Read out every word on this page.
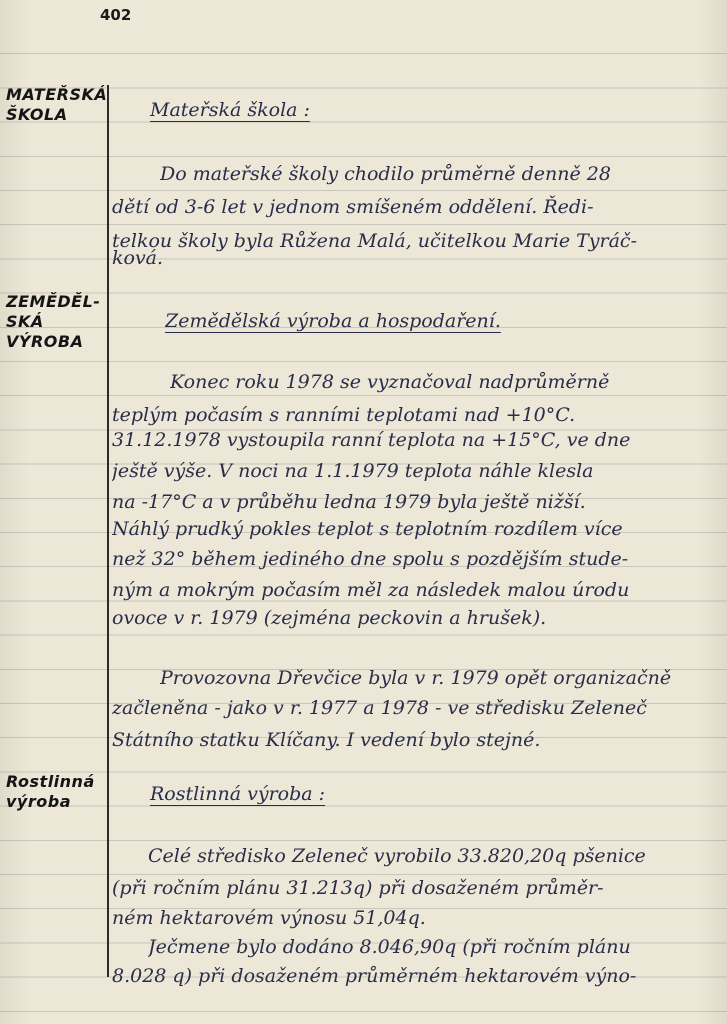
402
MATEŘSKÁ
ŠKOLA
ZEMĚDĚL-
SKÁ
VÝROBA
Rostlinná
výroba
Mateřská škola :
Do mateřské školy chodilo průměrně denně 28
dětí od 3-6 let v jednom smíšeném oddělení. Ředi-
telkou školy byla Růžena Malá, učitelkou Marie Tyráč-
ková.
Zemědělská výroba a hospodaření.
Konec roku 1978 se vyznačoval nadprůměrně
teplým počasím s ranními teplotami nad +10°C.
31.12.1978 vystoupila ranní teplota na +15°C, ve dne
ještě výše. V noci na 1.1.1979 teplota náhle klesla
na -17°C a v průběhu ledna 1979 byla ještě nižší.
Náhlý prudký pokles teplot s teplotním rozdílem více
než 32° během jediného dne spolu s pozdějším stude-
ným a mokrým počasím měl za následek malou úrodu
ovoce v r. 1979 (zejména peckovin a hrušek).
Provozovna Dřevčice byla v r. 1979 opět organizačně
začleněna - jako v r. 1977 a 1978 - ve středisku Zeleneč
Státního statku Klíčany. I vedení bylo stejné.
Rostlinná výroba :
Celé středisko Zeleneč vyrobilo 33.820,20q pšenice
(při ročním plánu 31.213q) při dosaženém průměr-
ném hektarovém výnosu 51,04q.
Ječmene bylo dodáno 8.046,90q (při ročním plánu
8.028 q) při dosaženém průměrném hektarovém výno-
